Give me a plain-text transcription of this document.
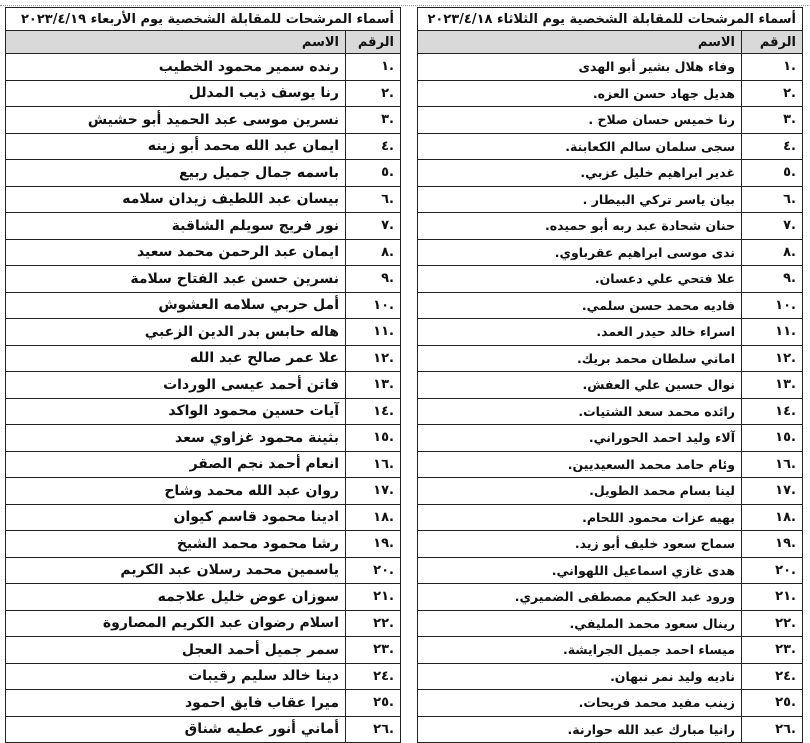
أسماء المرشحات للمقابلة الشخصية يوم الثلاثاء ٢٠٢٣/٤/١٨	
الرقم	الاسم
.١	وفاء هلال بشير أبو الهدى
.٢	هديل جهاد حسن العزه.
.٣	رنا خميس حسان صلاح .
.٤	سجى سلمان سالم الكعابنة.
.٥	غدير ابراهيم خليل عزبي.
.٦	بيان ياسر تركي البيطار .
.٧	حنان شحادة عبد ربه أبو حميده.
.٨	ندى موسى ابراهيم عقرباوي.
.٩	علا فتحي علي دعسان.
.١٠	فاديه محمد حسن سلمي.
.١١	اسراء خالد حيدر العمد.
.١٢	اماني سلطان محمد بريك.
.١٣	نوال حسين علي العفش.
.١٤	رائده محمد سعد الشتيات.
.١٥	آلاء وليد احمد الحوراني.
.١٦	وئام حامد محمد السعيديين.
.١٧	لينا بسام محمد الطويل.
.١٨	بهيه عزات محمود اللحام.
.١٩	سماح سعود خليف أبو زيد.
.٢٠	هدى غازي اسماعيل اللهواني.
.٢١	ورود عبد الحكيم مصطفى الضميري.
.٢٢	رينال سعود محمد المليفي.
.٢٣	ميساء احمد جميل الجرايشة.
.٢٤	ناديه وليد نمر نبهان.
.٢٥	زينب مفيد محمد فريحات.
.٢٦	رانيا مبارك عبد الله حوارنة.
أسماء المرشحات للمقابلة الشخصية يوم الأربعاء ٢٠٢٣/٤/١٩	
الرقم	الاسم
.١	رنده سمير محمود الخطيب
.٢	رنا يوسف ذيب المدلل
.٣	نسرين موسى عبد الحميد أبو حشيش
.٤	ايمان عبد الله محمد أبو زينه
.٥	باسمه جمال جميل ربيع
.٦	بيسان عبد اللطيف زيدان سلامه
.٧	نور فريج سويلم الشاقبة
.٨	ايمان عبد الرحمن محمد سعيد
.٩	نسرين حسن عبد الفتاح سلامة
.١٠	أمل حربي سلامه العشوش
.١١	هاله حابس بدر الدين الزعبي
.١٢	علا عمر صالح عبد الله
.١٣	فاتن أحمد عيسى الوردات
.١٤	آيات حسين محمود الواكد
.١٥	بثينة محمود غزاوي سعد
.١٦	انعام أحمد نجم الصقر
.١٧	روان عبد الله محمد وشاح
.١٨	ادينا محمود قاسم كيوان
.١٩	رشا محمود محمد الشيخ
.٢٠	ياسمين محمد رسلان عبد الكريم
.٢١	سوزان عوض خليل علاجمه
.٢٢	اسلام رضوان عبد الكريم المصاروة
.٢٣	سمر جميل أحمد العجل
.٢٤	دينا خالد سليم رقيبات
.٢٥	ميرا عقاب فايق احمود
.٢٦	أماني أنور عطيه شناق
